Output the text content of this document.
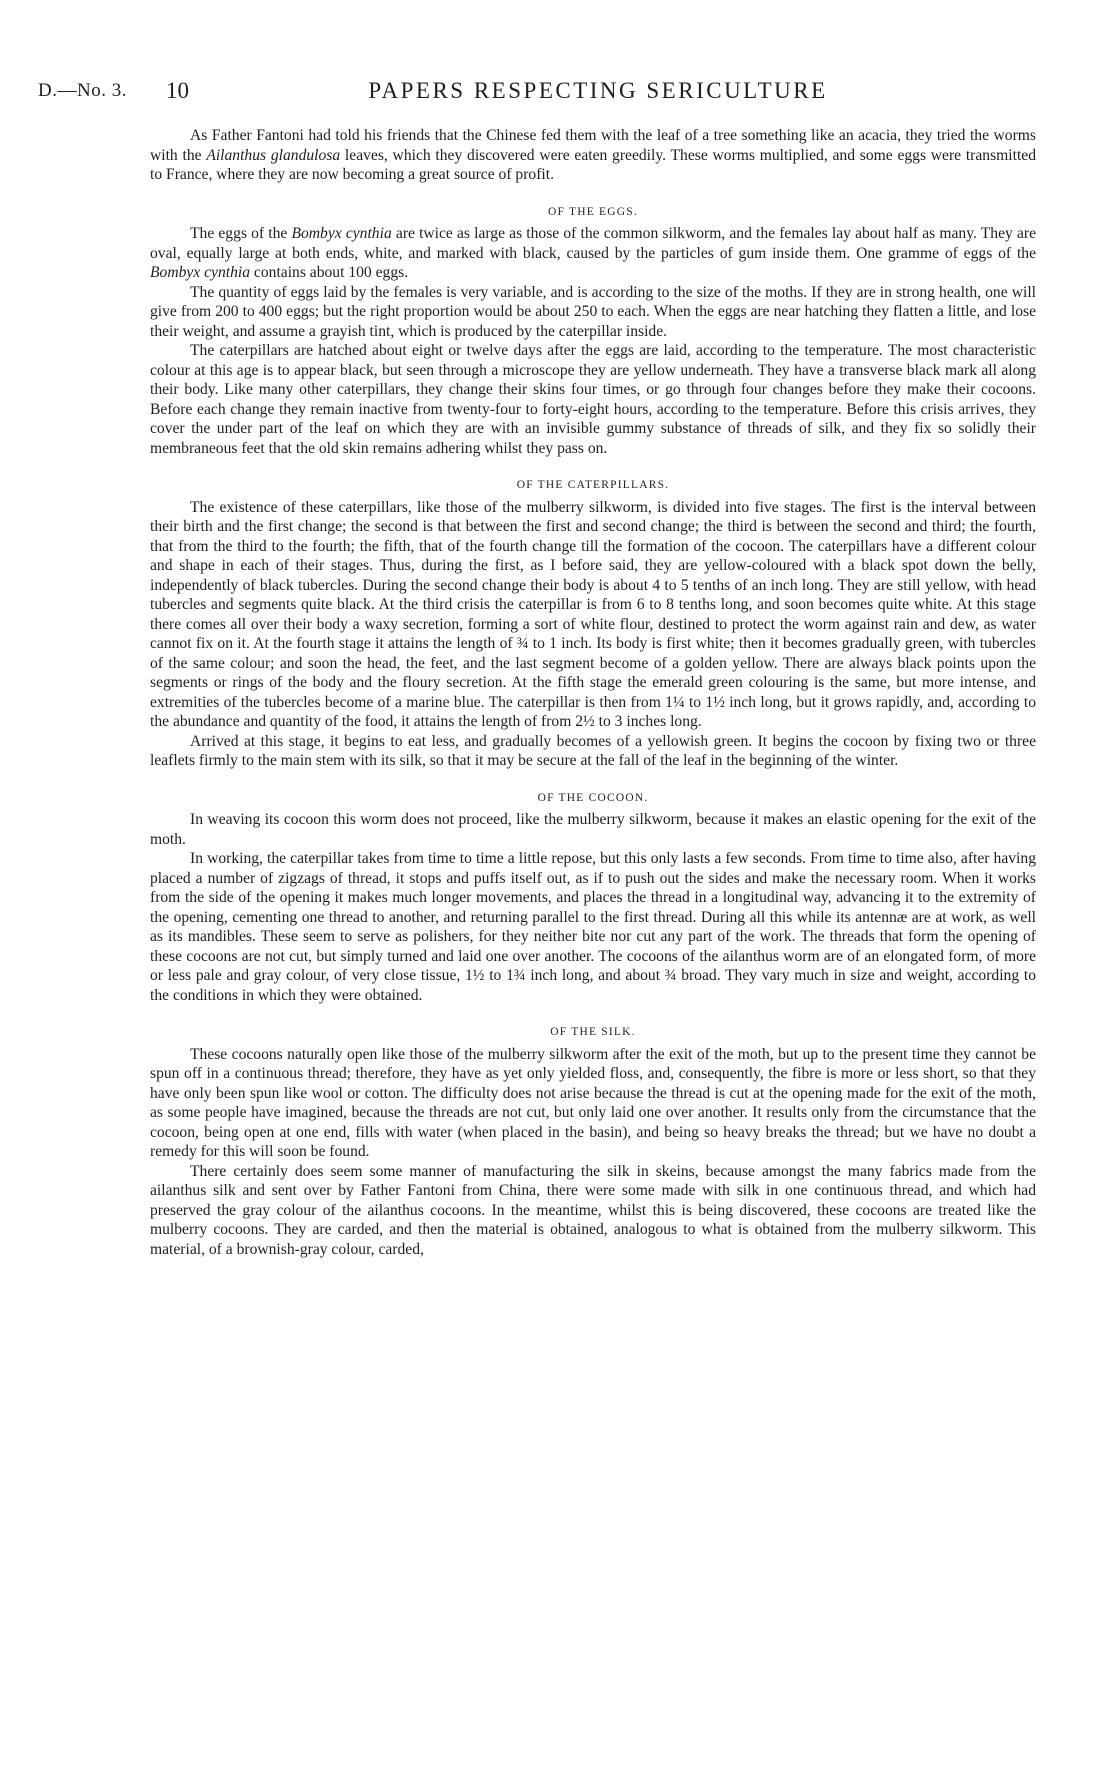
D.—No. 3. 10	PAPERS RESPECTING SERICULTURE

As Father Fantoni had told his friends that the Chinese fed them with the leaf of a tree something like an acacia, they tried the worms with the Ailanthus glandulosa leaves, which they discovered were eaten greedily. These worms multiplied, and some eggs were transmitted to France, where they are now becoming a great source of profit.

OF THE EGGS.

The eggs of the Bombyx cynthia are twice as large as those of the common silkworm, and the females lay about half as many. They are oval, equally large at both ends, white, and marked with black, caused by the particles of gum inside them. One gramme of eggs of the Bombyx cynthia contains about 100 eggs.

The quantity of eggs laid by the females is very variable, and is according to the size of the moths. If they are in strong health, one will give from 200 to 400 eggs; but the right proportion would be about 250 to each. When the eggs are near hatching they flatten a little, and lose their weight, and assume a grayish tint, which is produced by the caterpillar inside.

The caterpillars are hatched about eight or twelve days after the eggs are laid, according to the temperature. The most characteristic colour at this age is to appear black, but seen through a microscope they are yellow underneath. They have a transverse black mark all along their body. Like many other caterpillars, they change their skins four times, or go through four changes before they make their cocoons. Before each change they remain inactive from twenty-four to forty-eight hours, according to the temperature. Before this crisis arrives, they cover the under part of the leaf on which they are with an invisible gummy substance of threads of silk, and they fix so solidly their membraneous feet that the old skin remains adhering whilst they pass on.

OF THE CATERPILLARS.

The existence of these caterpillars, like those of the mulberry silkworm, is divided into five stages. The first is the interval between their birth and the first change; the second is that between the first and second change; the third is between the second and third; the fourth, that from the third to the fourth; the fifth, that of the fourth change till the formation of the cocoon. The caterpillars have a different colour and shape in each of their stages. Thus, during the first, as I before said, they are yellow-coloured with a black spot down the belly, independently of black tubercles. During the second change their body is about 4 to 5 tenths of an inch long. They are still yellow, with head tubercles and segments quite black. At the third crisis the caterpillar is from 6 to 8 tenths long, and soon becomes quite white. At this stage there comes all over their body a waxy secretion, forming a sort of white flour, destined to protect the worm against rain and dew, as water cannot fix on it. At the fourth stage it attains the length of ¾ to 1 inch. Its body is first white; then it becomes gradually green, with tubercles of the same colour; and soon the head, the feet, and the last segment become of a golden yellow. There are always black points upon the segments or rings of the body and the floury secretion. At the fifth stage the emerald green colouring is the same, but more intense, and extremities of the tubercles become of a marine blue. The caterpillar is then from 1¼ to 1½ inch long, but it grows rapidly, and, according to the abundance and quantity of the food, it attains the length of from 2½ to 3 inches long.

Arrived at this stage, it begins to eat less, and gradually becomes of a yellowish green. It begins the cocoon by fixing two or three leaflets firmly to the main stem with its silk, so that it may be secure at the fall of the leaf in the beginning of the winter.

OF THE COCOON.

In weaving its cocoon this worm does not proceed, like the mulberry silkworm, because it makes an elastic opening for the exit of the moth.

In working, the caterpillar takes from time to time a little repose, but this only lasts a few seconds. From time to time also, after having placed a number of zigzags of thread, it stops and puffs itself out, as if to push out the sides and make the necessary room. When it works from the side of the opening it makes much longer movements, and places the thread in a longitudinal way, advancing it to the extremity of the opening, cementing one thread to another, and returning parallel to the first thread. During all this while its antennæ are at work, as well as its mandibles. These seem to serve as polishers, for they neither bite nor cut any part of the work. The threads that form the opening of these cocoons are not cut, but simply turned and laid one over another. The cocoons of the ailanthus worm are of an elongated form, of more or less pale and gray colour, of very close tissue, 1½ to 1¾ inch long, and about ¾ broad. They vary much in size and weight, according to the conditions in which they were obtained.

OF THE SILK.

These cocoons naturally open like those of the mulberry silkworm after the exit of the moth, but up to the present time they cannot be spun off in a continuous thread; therefore, they have as yet only yielded floss, and, consequently, the fibre is more or less short, so that they have only been spun like wool or cotton. The difficulty does not arise because the thread is cut at the opening made for the exit of the moth, as some people have imagined, because the threads are not cut, but only laid one over another. It results only from the circumstance that the cocoon, being open at one end, fills with water (when placed in the basin), and being so heavy breaks the thread; but we have no doubt a remedy for this will soon be found.

There certainly does seem some manner of manufacturing the silk in skeins, because amongst the many fabrics made from the ailanthus silk and sent over by Father Fantoni from China, there were some made with silk in one continuous thread, and which had preserved the gray colour of the ailanthus cocoons. In the meantime, whilst this is being discovered, these cocoons are treated like the mulberry cocoons. They are carded, and then the material is obtained, analogous to what is obtained from the mulberry silkworm. This material, of a brownish-gray colour, carded,
